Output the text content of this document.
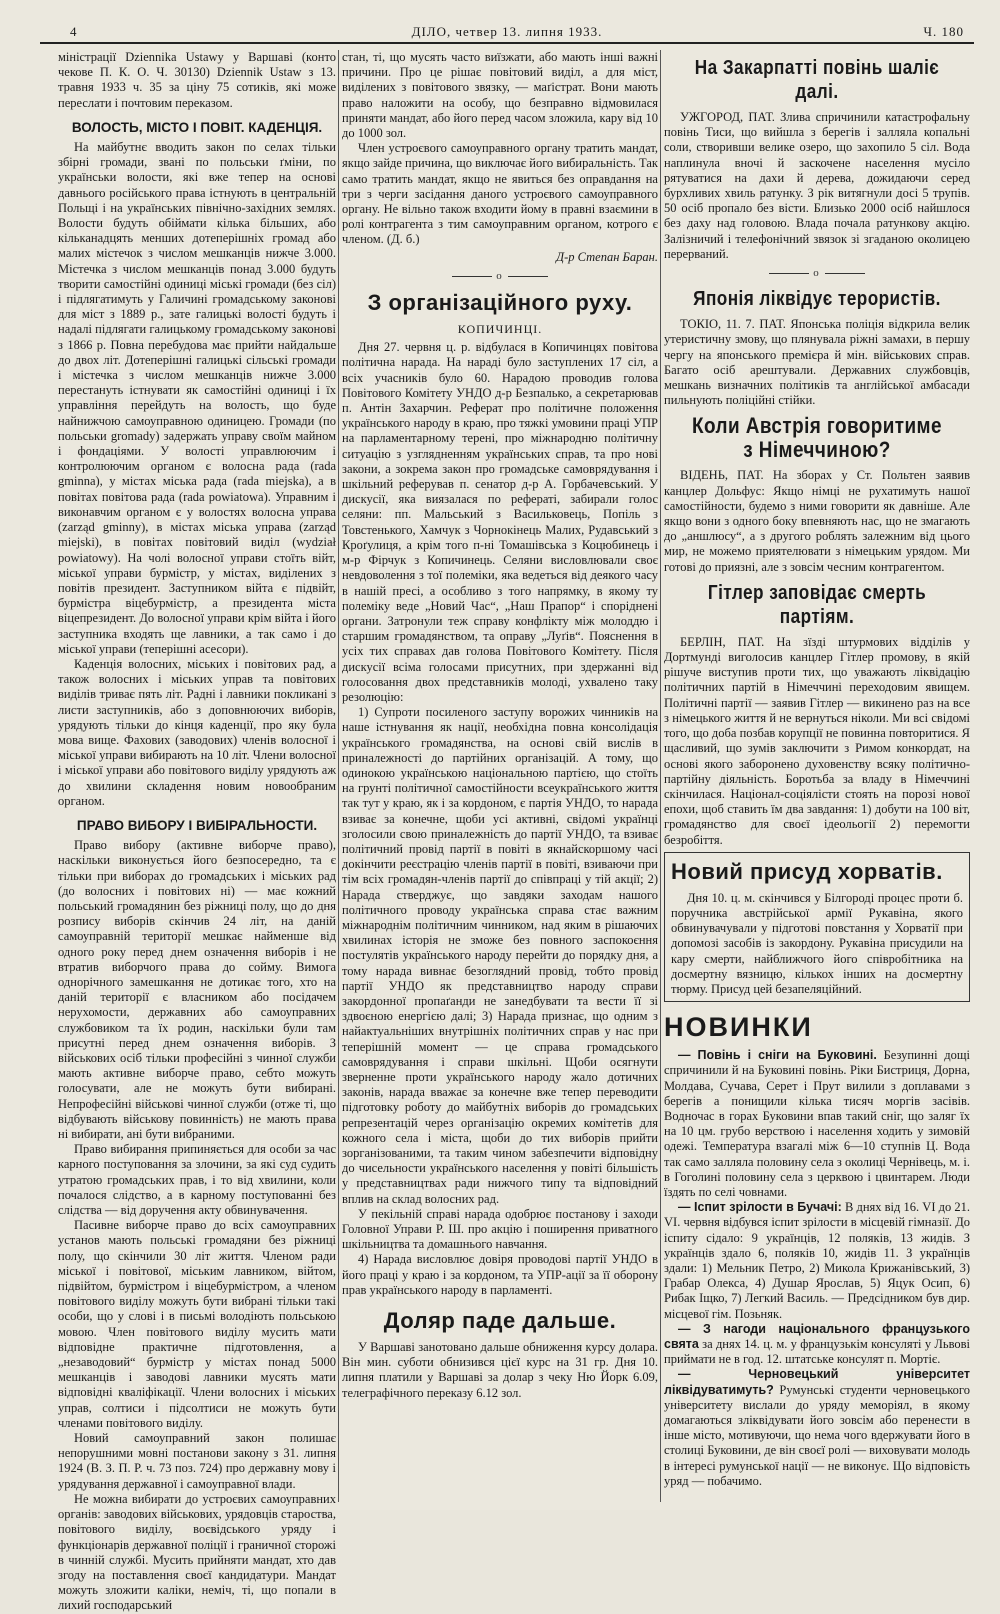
4	ДІЛО, четвер 13. липня 1933.	Ч. 180

міністрації Dziennika Ustawy у Варшаві (конто чекове П. К. О. Ч. 30130) Dziennik Ustaw з 13. травня 1933 ч. 35 за ціну 75 сотиків, які може переслати і почтовим переказом.

ВОЛОСТЬ, МІСТО І ПОВІТ. КАДЕНЦІЯ.

На майбутнє вводить закон по селах тільки збірні громади, звані по польськи ґміни, по українськи волости, які вже тепер на основі давнього російського права істнують в центральній Польщі і на українських північно-західних землях. Волости будуть обіймати кілька більших, або кільканадцять менших дотеперішніх громад або малих містечок з числом мешканців нижче 3.000. Містечка з числом мешканців понад 3.000 будуть творити самостійні одиниці міські громади (без сіл) і підлягатимуть у Галичині громадському законові для міст з 1889 р., зате галицькі волості будуть і надалі підлягати галицькому громадському законові з 1866 р. Повна перебудова має прийти найдальше до двох літ. Дотеперішні галицькі сільські громади і містечка з числом мешканців нижче 3.000 перестануть істнувати як самостійні одиниці і їх управління перейдуть на волость, що буде найнижчою самоуправною одиницею. Громади (по польськи gromady) задержать управу своїм майном і фондаціями. У волості управлюючим і контролюючим органом є волосна рада (rada gminna), у містах міська рада (rada miejska), а в повітах повітова рада (rada powiatowa). Управним і виконавчим органом є у волостях волосна управа (zarząd gminny), в містах міська управа (zarząd miejski), в повітах повітовий виділ (wydział powiatowy). На чолі волосної управи стоїть війт, міської управи бурмістр, у містах, виділених з повітів президент. Заступником війта є підвійт, бурмістра віцебурмістр, а президента міста віцепрезидент. До волосної управи крім війта і його заступника входять ще лавники, а так само і до міської управи (теперішні асесори).

Каденція волосних, міських і повітових рад, а також волосних і міських управ та повітових виділів триває пять літ. Радні і лавники покликані з листи заступників, або з доповнюючих виборів, урядують тільки до кінця каденції, про яку була мова вище. Фахових (заводових) членів волосної і міської управи вибирають на 10 літ. Члени волосної і міської управи або повітового виділу урядують аж до хвилини складення новим новообраним органом.

ПРАВО ВИБОРУ І ВИБІРАЛЬНОСТИ.

Право вибору (активне виборче право), наскільки виконується його безпосередно, та є тільки при виборах до громадських і міських рад (до волосних і повітових ні) — має кожний польський громадянин без ріжниці полу, що до дня розпису виборів скінчив 24 літ, на даній самоуправній території мешкає найменше від одного року перед днем означення виборів і не втратив виборчого права до сойму. Вимога однорічного замешкання не дотикає того, хто на даній території є власником або посідачем нерухомости, державних або самоуправних службовиком та їх родин, наскільки були там присутні перед днем означення виборів. З військових осіб тільки професійні з чинної служби мають активне виборче право, себто можуть голосувати, але не можуть бути вибирані. Непрофесійні військові чинної служби (отже ті, що відбувають військову повинність) не мають права ні вибирати, ані бути вибраними.

Право вибирання припиняється для особи за час карного поступовання за злочини, за які суд судить утратою громадських прав, і то від хвилини, коли почалося слідство, а в карному поступованні без слідства — від доручення акту обвинувачення.

Пасивне виборче право до всіх самоуправних установ мають польські громадяни без ріжниці полу, що скінчили 30 літ життя. Членом ради міської і повітової, міським лавником, війтом, підвійтом, бурмістром і віцебурмістром, а членом повітового виділу можуть бути вибрані тільки такі особи, що у слові і в письмі володіють польською мовою. Член повітового виділу мусить мати відповідне практичне підготовлення, а „незаводовий“ бурмістр у містах понад 5000 мешканців і заводові лавники мусять мати відповідні кваліфікації. Члени волосних і міських управ, солтиси і підсолтиси не можуть бути членами повітового виділу.

Новий самоуправний закон полишає непорушними мовні постанови закону з 31. липня 1924 (В. З. П. Р. ч. 73 поз. 724) про державну мову і урядування державної і самоуправної влади.

Не можна вибирати до устроєвих самоуправних органів: заводових військових, урядовців староства, повітового виділу, воєвідського уряду і функціонарів державної поліції і граничної сторожі в чинній службі. Мусить прийняти мандат, хто дав згоду на поставлення своєї кандидатури. Мандат можуть зложити каліки, неміч, ті, що попали в лихий господарський

стан, ті, що мусять часто виїзжати, або мають інші важні причини. Про це рішає повітовий виділ, а для міст, виділених з повітового звязку, — маґістрат. Вони мають право наложити на особу, що безправно відмовилася приняти мандат, або його перед часом зложила, кару від 10 до 1000 зол.

Член устроєвого самоуправного органу тратить мандат, якщо зайде причина, що виключає його вибиральність. Так само тратить мандат, якщо не явиться без оправдання на три з черги засідання даного устроєвого самоуправного органу. Не вільно також входити йому в правні взаємини в ролі контрагента з тим самоуправним органом, котрого є членом. (Д. б.)

Д-р Степан Баран.
o
З організаційного руху.
КОПИЧИНЦІ.

Дня 27. червня ц. р. відбулася в Копичинцях повітова політична нарада. На нараді було заступлених 17 сіл, а всіх учасників було 60. Нарадою проводив голова Повітового Комітету УНДО д-р Безпалько, а секретарював п. Антін Захарчин. Реферат про політичне положення українського народу в краю, про тяжкі умовини праці УПР на парламентарному терені, про міжнародню політичну ситуацію з узглядненням українських справ, та про нові закони, а зокрема закон про громадське самоврядування і шкільний реферував п. сенатор д-р А. Горбачевський. У дискусії, яка виязалася по рефераті, забирали голос селяни: пп. Мальський з Васильковець, Попіль з Товстенького, Хамчук з Чорнокінець Малих, Рудавський з Кроґулиця, а крім того п-ні Томашівська з Коцюбинець і м-р Фірчук з Копичинець. Селяни висловлювали своє невдоволення з тої полеміки, яка ведеться від деякого часу в нашій пресі, а особливо з того напрямку, в якому ту полеміку веде „Новий Час“, „Наш Прапор“ і споріднені органи. Затронули теж справу конфлікту між молоддю і старшим громадянством, та оправу „Луґів“. Пояснення в усіх тих справах дав голова Повітового Комітету. Після дискусії всіма голосами присутних, при здержанні від голосовання двох представників молоді, ухвалено таку резолюцію:

1) Супроти посиленого заступу ворожих чинників на наше істнування як нації, необхідна повна консолідація українського громадянства, на основі свій вислів в приналежності до партійних організацій. А тому, що одинокою українською національною партією, що стоїть на грунті політичної самостійности всеукраїнського життя так тут у краю, як і за кордоном, є партія УНДО, то нарада взиває за конечне, щоби усі активні, свідомі українці зголосили свою приналежність до партії УНДО, та взиває політичний провід партії в повіті в якнайскоршому часі докінчити реєстрацію членів партії в повіті, взиваючи при тім всіх громадян-членів партії до співпраці у тій акції; 2) Нарада стверджує, що завдяки заходам нашого політичного проводу українська справа стає важним міжнароднім політичним чинником, над яким в рішаючих хвилинах історія не зможе без повного заспокоєння постулятів українського народу перейти до порядку дня, а тому нарада вивнає безоглядний провід, тобто провід партії УНДО як представництво народу справи закордонної пропаґанди не занедбувати та вести її зі здвоєною енергією далі; 3) Нарада признає, що одним з найактуальніших внутрішніх політичних справ у нас при теперішній момент — це справа громадського самоврядування і справи шкільні. Щоби осягнути зверненне проти українського народу жало дотичних законів, нарада вважає за конечне вже тепер переводити підготовку роботу до майбутніх виборів до громадських репрезентацій через організацію окремих комітетів для кожного села і міста, щоби до тих виборів прийти зорганізованими, та таким чином забезпечити відповідну до чисельности українського населення у повіті більшість у представництвах ради нижчого типу та відповідний вплив на склад волосних рад.

У пекільній справі нарада одобрює постанову і заходи Головної Управи Р. Ш. про акцію і поширення приватного шкільництва та домашнього навчання.

4) Нарада висловлює довіря проводові партії УНДО в його праці у краю і за кордоном, та УПР-ації за її оборону прав українського народу в парламенті.

Доляр паде дальше.

У Варшаві занотовано дальше обниження курсу долара. Він мин. суботи обнизився цієї курс на 31 гр. Дня 10. липня платили у Варшаві за долар з чеку Ню Йорк 6.09, телеграфічного переказу 6.12 зол.

На Закарпатті повінь шаліє далі.

УЖГОРОД, ПАТ. Злива спричинили катастрофальну повінь Тиси, що вийшла з берегів і залляла копальні соли, створивши велике озеро, що захопило 5 сіл. Вода наплинула вночі й заскочене населення мусіло рятуватися на дахи й дерева, дожидаючи серед бурхливих хвиль ратунку. З рік витягнули досі 5 трупів. 50 осіб пропало без вісти. Близько 2000 осіб найшлося без даху над головою. Влада почала ратункову акцію. Залізничий і телефонічний звязок зі згаданою околицею перерваний.

o
Японія ліквідує терористів.

ТОКІО, 11. 7. ПАТ. Японська поліція відкрила велик утеристичну змову, що плянувала ріжні замахи, в першу чергу на японського премієра й мін. військових справ. Багато осіб арештували. Державних службовців, мешкань визначних політиків та англійської амбасади пильнують поліційні стійки.

Коли Австрія говоритиме з Німеччиною?

ВІДЕНЬ, ПАТ. На зборах у Ст. Польтен заявив канцлер Дольфус: Якщо німці не рухатимуть нашої самостійности, будемо з ними говорити як давніше. Але якщо вони з одного боку впевняють нас, що не змагають до „аншлюсу“, а з другого роблять залежним від цього мир, не можемо приятелювати з німецьким урядом. Ми готові до приязні, але з зовсім чесним контрагентом.

Гітлер заповідає смерть партіям.

БЕРЛІН, ПАТ. На зїзді штурмових відділів у Дортмунді виголосив канцлер Гітлер промову, в якій рішуче виступив проти тих, що уважають ліквідацію політичних партій в Німеччині переходовим явищем. Політичні партії — заявив Гітлер — викинено раз на все з німецького життя й не вернуться ніколи. Ми всі свідомі того, що доба позбав корупції не повинна повторитися. Я щасливий, що зумів заключити з Римом конкордат, на основі якого заборонено духовенству всяку політично-партійну діяльність. Боротьба за владу в Німеччині скінчилася. Націонал-соціялісти стоять на порозі нової епохи, щоб ставить їм два завдання: 1) добути на 100 віт, громадянство для своєї ідеольогії 2) перемогти безробіття.

Новий присуд хорватів.

Дня 10. ц. м. скінчився у Білгороді процес проти б. поручника австрійської армії Рукавіна, якого обвинувачували у підготові повстання у Хорватії при допомозі засобів із закордону. Рукавіна присудили на кару смерти, найближчого його співробітника на досмертну вязницю, кількох інших на досмертну тюрму. Присуд цей безапеляційний.

НОВИНКИ

— Повінь і сніги на Буковині. Безупинні дощі спричинили й на Буковині повінь. Ріки Бистриця, Дорна, Молдава, Сучава, Серет і Прут вилили з доплавами з берегів а понищили кілька тисяч моргів засівів. Водночас в горах Буковини впав такий сніг, що заляг їх на 10 цм. грубо верствою і населення ходить у зимовій одежі. Температура взагалі між 6—10 ступнів Ц. Вода так само залляла половину села з околиці Чернівець, м. і. в Гоголині половину села з церквою і цвинтарем. Люди їздять по селі човнами.

— Іспит зрілости в Бучачі: В днях від 16. VI до 21. VI. червня відбувся іспит зрілости в місцевій гімназії. До іспиту сідало: 9 українців, 12 поляків, 13 жидів. З українців здало 6, поляків 10, жидів 11. З українців здали: 1) Мельник Петро, 2) Микола Крижанівський, 3) Грабар Олекса, 4) Душар Ярослав, 5) Яцук Осип, 6) Рибак Іщко, 7) Легкий Василь. — Предсідником був дир. місцевої гім. Позьняк.

— З нагоди національного французького свята за днях 14. ц. м. у французькім консуляті у Львові приймати не в год. 12. штатське консулят п. Мортіє.

— Черновецький університет ліквідуватимуть? Румунські студенти черновецького університету вислали до уряду меморіял, в якому домагаються зліквідувати його зовсім або перенести в інше місто, мотивуючи, що нема чого вдержувати його в столиці Буковини, де він своєї ролі — виховувати молодь в інтересі румунської нації — не виконує. Що відповість уряд — побачимо.
